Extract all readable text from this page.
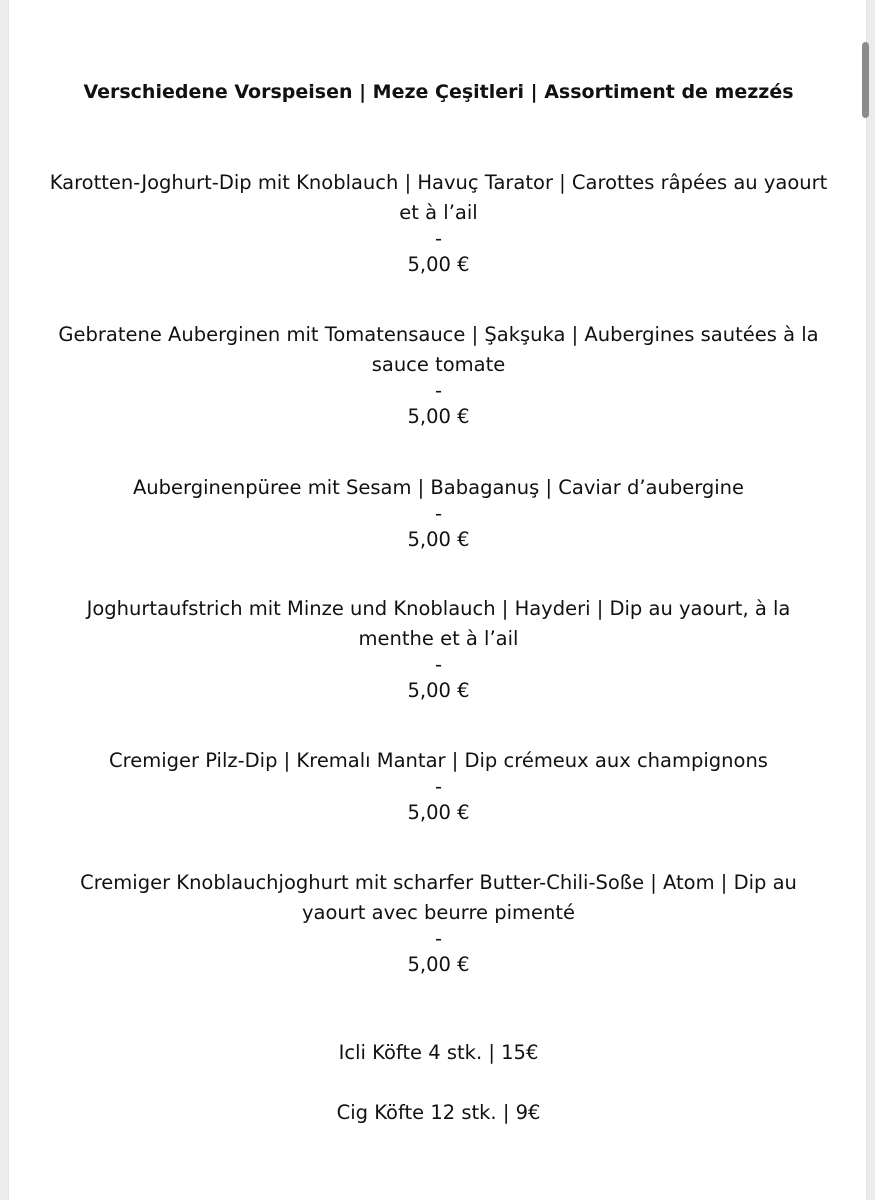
Verschiedene Vorspeisen | Meze Çeşitleri | Assortiment de mezzés
Karotten-Joghurt-Dip mit Knoblauch | Havuç Tarator | Carottes râpées au yaourt et à l’ail
-
5,00 €
Gebratene Auberginen mit Tomatensauce | Şakşuka | Aubergines sautées à la sauce tomate
-
5,00 €
Auberginenpüree mit Sesam | Babaganuş | Caviar d’aubergine
-
5,00 €
Joghurtaufstrich mit Minze und Knoblauch | Hayderi | Dip au yaourt, à la menthe et à l’ail
-
5,00 €
Cremiger Pilz-Dip | Kremalı Mantar | Dip crémeux aux champignons
-
5,00 €
Cremiger Knoblauchjoghurt mit scharfer Butter-Chili-Soße | Atom | Dip au yaourt avec beurre pimenté
-
5,00 €
Icli Köfte 4 stk. | 15€
Cig Köfte 12 stk. | 9€
